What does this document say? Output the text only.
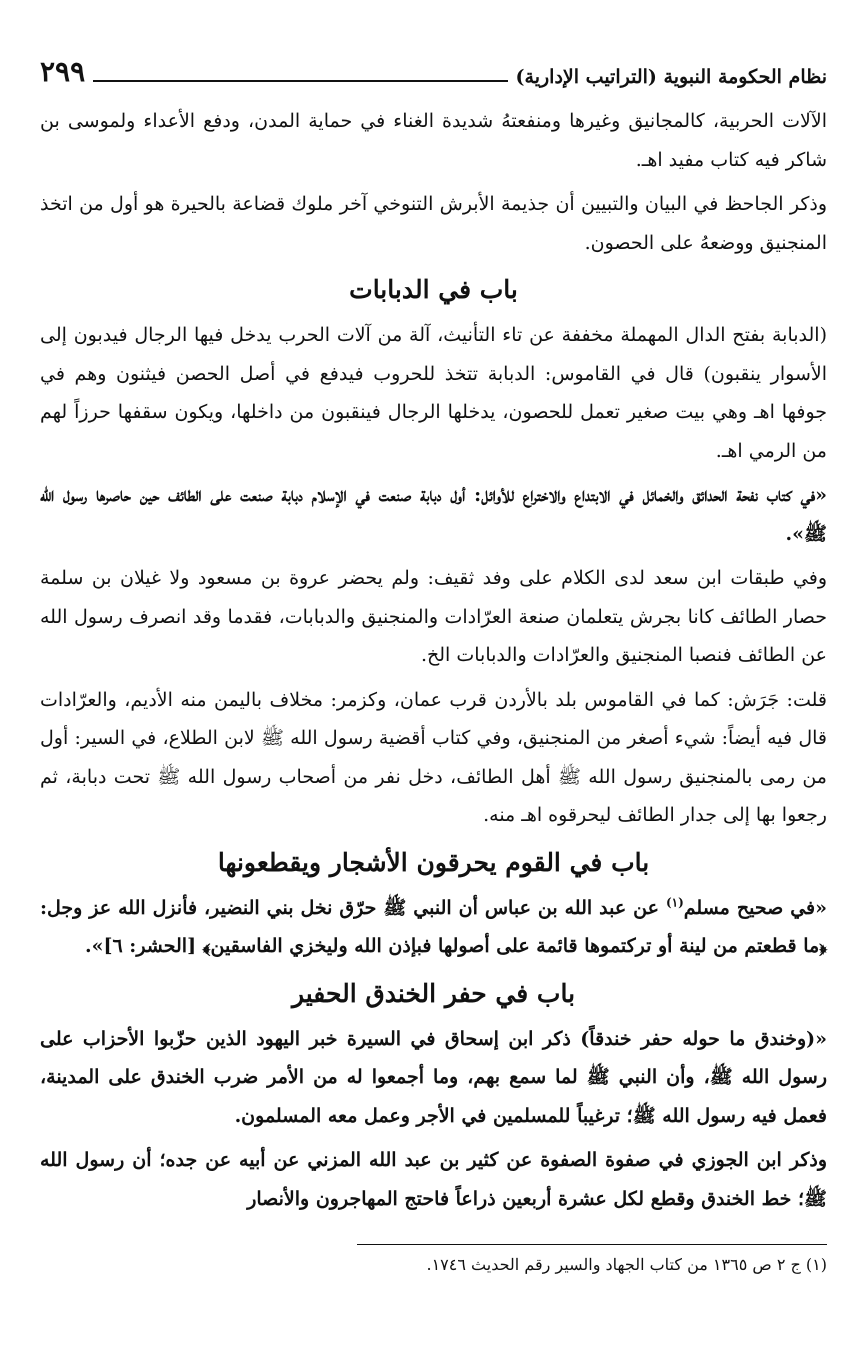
نظام الحكومة النبوية (التراتيب الإدارية)
٢٩٩

الآلات الحربية، كالمجانيق وغيرها ومنفعتهُ شديدة الغناء في حماية المدن، ودفع الأعداء ولموسى بن شاكر فيه كتاب مفيد اهـ.

وذكر الجاحظ في البيان والتبيين أن جذيمة الأبرش التنوخي آخر ملوك قضاعة بالحيرة هو أول من اتخذ المنجنيق ووضعهُ على الحصون.

باب في الدبابات

(الدبابة بفتح الدال المهملة مخففة عن تاء التأنيث، آلة من آلات الحرب يدخل فيها الرجال فيدبون إلى الأسوار ينقبون) قال في القاموس: الدبابة تتخذ للحروب فيدفع في أصل الحصن فيثنون وهم في جوفها اهـ وهي بيت صغير تعمل للحصون، يدخلها الرجال فينقبون من داخلها، ويكون سقفها حرزاً لهم من الرمي اهـ.

«في كتاب نفحة الحدائق والخمائل في الابتداع والاختراع للأوائل: أول دبابة صنعت في الإسلام دبابة صنعت على الطائف حين حاصرها رسول الله ﷺ».

وفي طبقات ابن سعد لدى الكلام على وفد ثقيف: ولم يحضر عروة بن مسعود ولا غيلان بن سلمة حصار الطائف كانا بجرش يتعلمان صنعة العرّادات والمنجنيق والدبابات، فقدما وقد انصرف رسول الله عن الطائف فنصبا المنجنيق والعرّادات والدبابات الخ.

قلت: جَرَش: كما في القاموس بلد بالأردن قرب عمان، وكزمر: مخلاف باليمن منه الأديم، والعرّادات قال فيه أيضاً: شيء أصغر من المنجنيق، وفي كتاب أقضية رسول الله ﷺ لابن الطلاع، في السير: أول من رمى بالمنجنيق رسول الله ﷺ أهل الطائف، دخل نفر من أصحاب رسول الله ﷺ تحت دبابة، ثم رجعوا بها إلى جدار الطائف ليحرقوه اهـ منه.

باب في القوم يحرقون الأشجار ويقطعونها

«في صحيح مسلم$^{(١)}$ عن عبد الله بن عباس أن النبي ﷺ حرّق نخل بني النضير، فأنزل الله عز وجل: ﴿ما قطعتم من لينة أو تركتموها قائمة على أصولها فبإذن الله وليخزي الفاسقين﴾ [الحشر: ٦]».

باب في حفر الخندق الحفير

«(وخندق ما حوله حفر خندقاً) ذكر ابن إسحاق في السيرة خبر اليهود الذين حزّبوا الأحزاب على رسول الله ﷺ، وأن النبي ﷺ لما سمع بهم، وما أجمعوا له من الأمر ضرب الخندق على المدينة، فعمل فيه رسول الله ﷺ؛ ترغيباً للمسلمين في الأجر وعمل معه المسلمون.

وذكر ابن الجوزي في صفوة الصفوة عن كثير بن عبد الله المزني عن أبيه عن جده؛ أن رسول الله ﷺ؛ خط الخندق وقطع لكل عشرة أربعين ذراعاً فاحتج المهاجرون والأنصار

(١) ج ٢ ص ١٣٦٥ من كتاب الجهاد والسير رقم الحديث ١٧٤٦.
